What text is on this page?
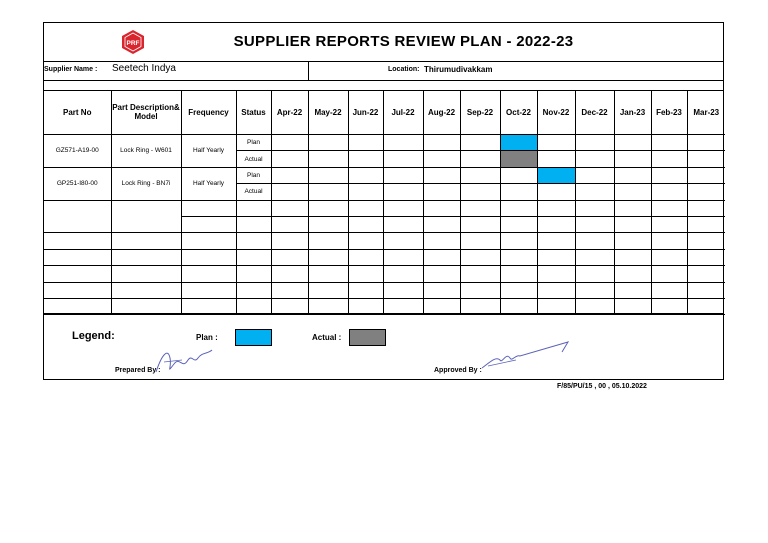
PRF	SUPPLIER REPORTS REVIEW PLAN - 2022-23
Supplier Name : Seetech Indya	Location: Thirumudivakkam
Part No	Part Description& Model	Frequency	Status	Apr-22	May-22	Jun-22	Jul-22	Aug-22	Sep-22	Oct-22	Nov-22	Dec-22	Jan-23	Feb-23	Mar-23
GZ571-A19-00	Lock Ring - W601	Half Yearly	Plan												
			Actual												
GP251-I80-00	Lock Ring - BN7i	Half Yearly	Plan												
			Actual												

Legend:	Plan :	Actual :
Prepared By :	Approved By :
F/85/PU/15 , 00 , 05.10.2022
